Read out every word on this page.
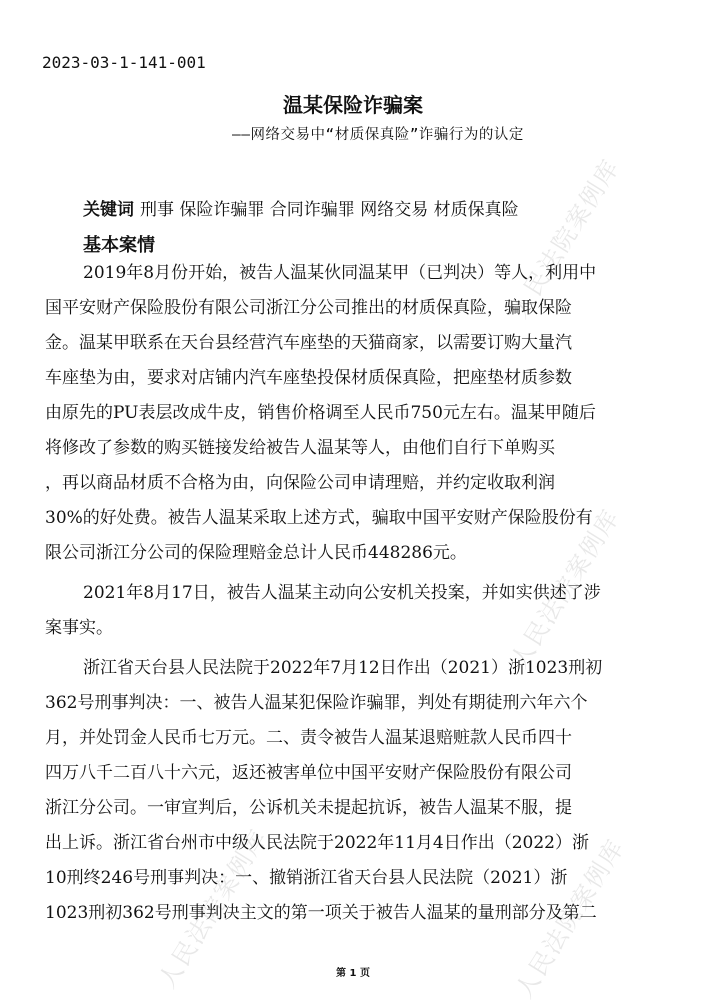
人民法院案例库
人民法院案例库
人民法院案例库	人民法院案例库
2023-03-1-141-001
温某保险诈骗案
——网络交易中“材质保真险”诈骗行为的认定
关键词 刑事 保险诈骗罪 合同诈骗罪 网络交易 材质保真险
基本案情
2019年8月份开始，被告人温某伙同温某甲（已判决）等人，利用中
国平安财产保险股份有限公司浙江分公司推出的材质保真险，骗取保险
金。温某甲联系在天台县经营汽车座垫的天猫商家，以需要订购大量汽
车座垫为由，要求对店铺内汽车座垫投保材质保真险，把座垫材质参数
由原先的PU表层改成牛皮，销售价格调至人民币750元左右。温某甲随后
将修改了参数的购买链接发给被告人温某等人，由他们自行下单购买
，再以商品材质不合格为由，向保险公司申请理赔，并约定收取利润
30%的好处费。被告人温某采取上述方式，骗取中国平安财产保险股份有
限公司浙江分公司的保险理赔金总计人民币448286元。
2021年8月17日，被告人温某主动向公安机关投案，并如实供述了涉
案事实。
浙江省天台县人民法院于2022年7月12日作出（2021）浙1023刑初
362号刑事判决：一、被告人温某犯保险诈骗罪，判处有期徒刑六年六个
月，并处罚金人民币七万元。二、责令被告人温某退赔赃款人民币四十
四万八千二百八十六元，返还被害单位中国平安财产保险股份有限公司
浙江分公司。一审宣判后，公诉机关未提起抗诉，被告人温某不服，提
出上诉。浙江省台州市中级人民法院于2022年11月4日作出（2022）浙
10刑终246号刑事判决：一、撤销浙江省天台县人民法院（2021）浙
1023刑初362号刑事判决主文的第一项关于被告人温某的量刑部分及第二
第 1 页
